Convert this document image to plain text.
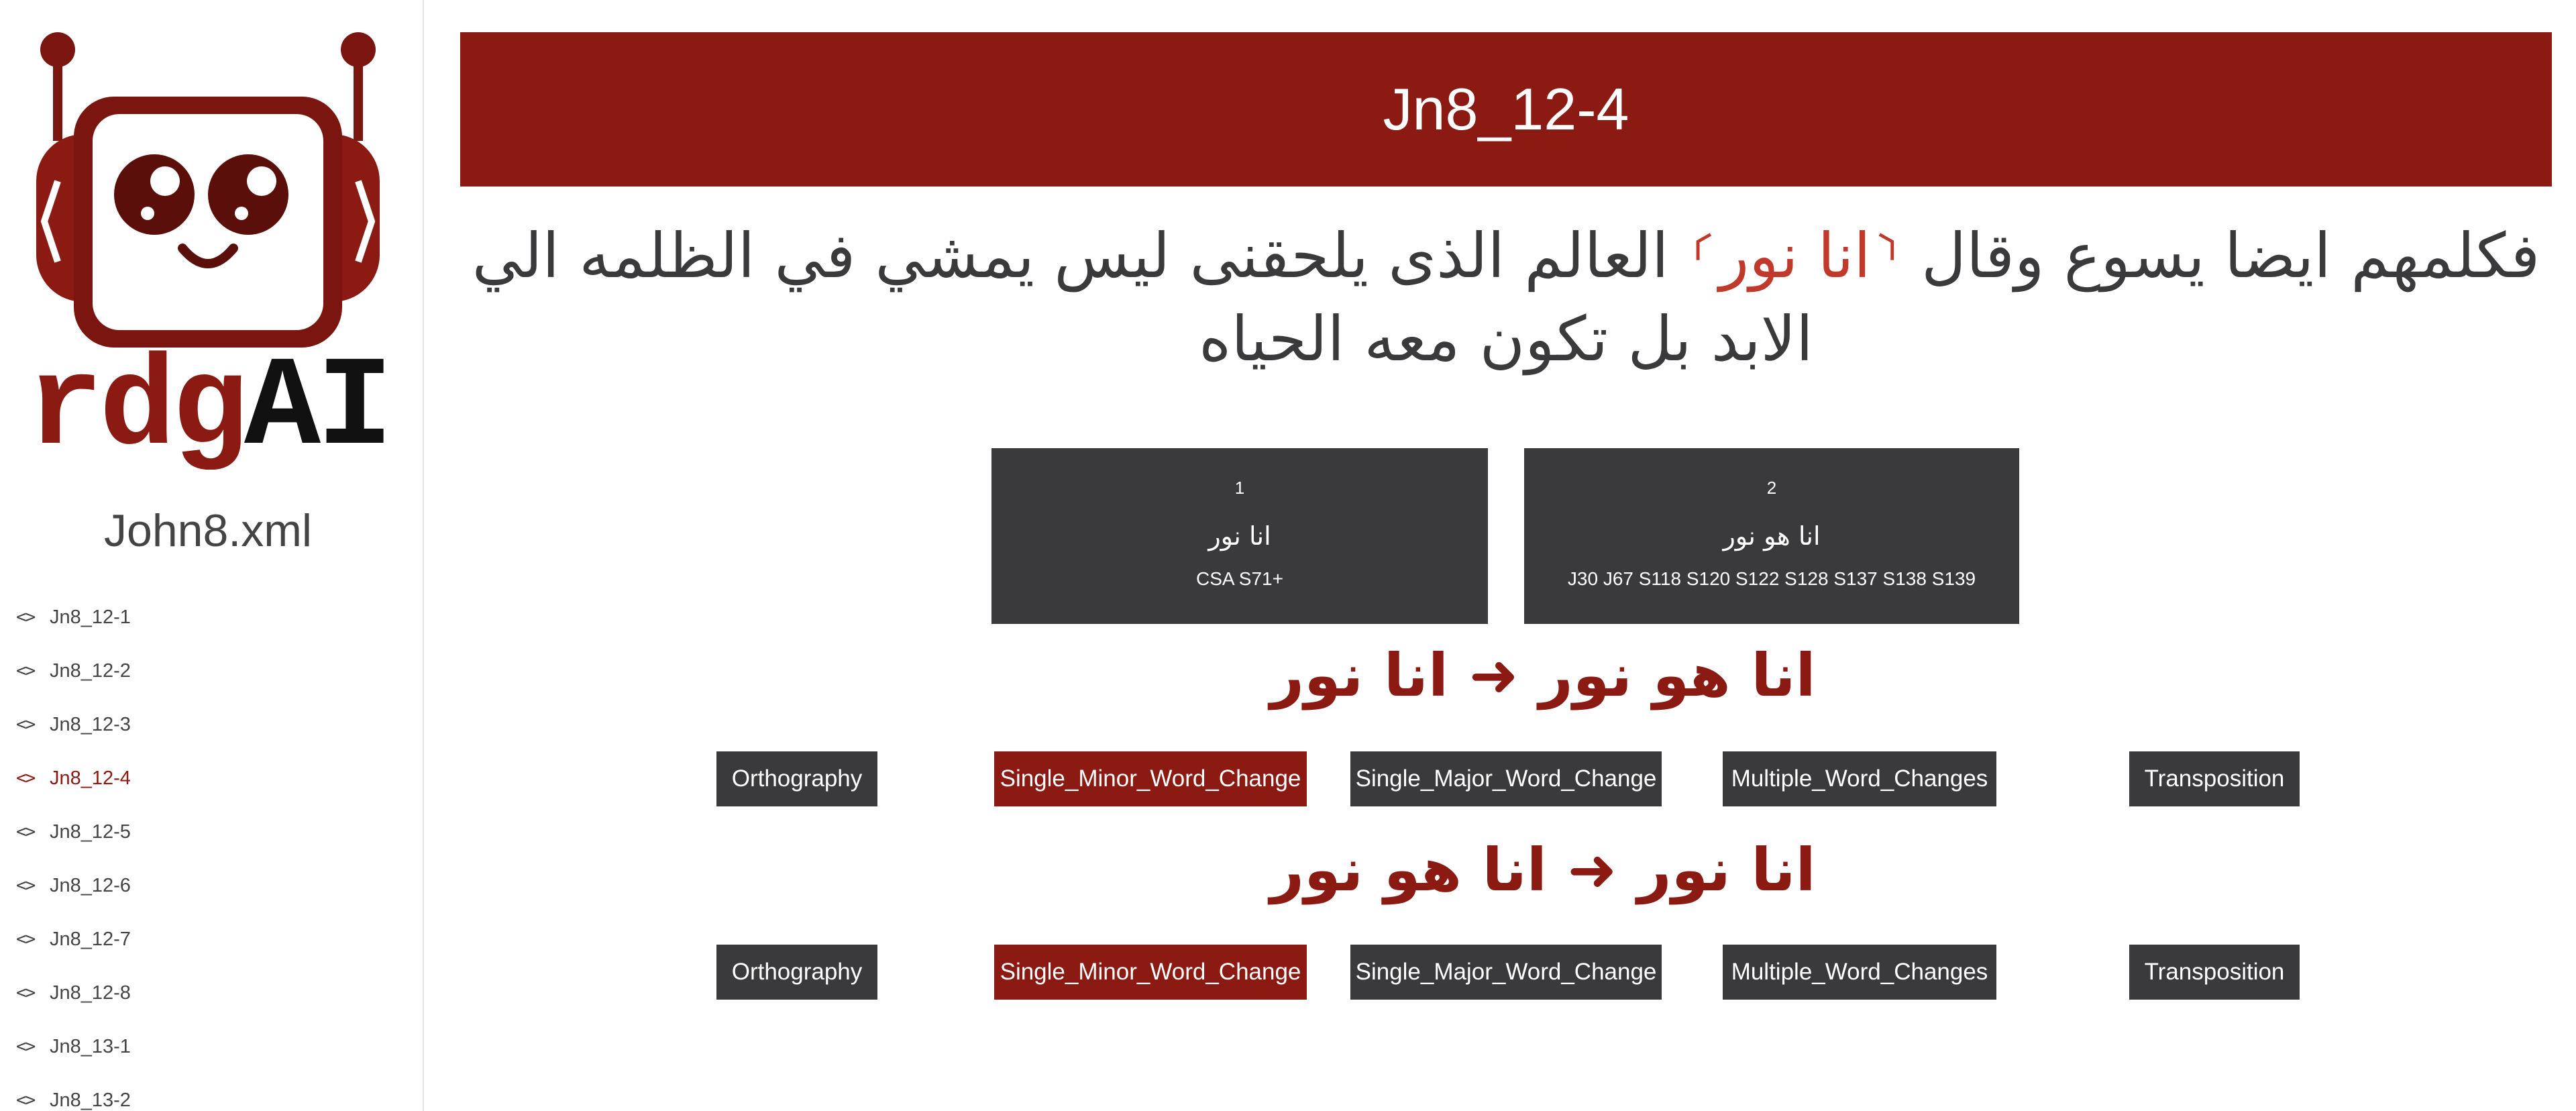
rdgAI
John8.xml
<> Jn8_12-1
<> Jn8_12-2
<> Jn8_12-3
<> Jn8_12-4
<> Jn8_12-5
<> Jn8_12-6
<> Jn8_12-7
<> Jn8_12-8
<> Jn8_13-1
<> Jn8_13-2
Jn8_12-4
فكلمهم ايضا يسوع وقال ⸂انا نور⸃ العالم الذى يلحقنى ليس يمشي في الظلمه الي الابد بل تكون معه الحياه
1
انا نور
CSA S71+
2
انا هو نور
J30 J67 S118 S120 S122 S128 S137 S138 S139
انا هو نور ➜ انا نور
Orthography	Single_Minor_Word_Change Single_Major_Word_Change	Multiple_Word_Changes	Transposition
انا نور ➜ انا هو نور
Orthography	Single_Minor_Word_Change Single_Major_Word_Change	Multiple_Word_Changes	Transposition
